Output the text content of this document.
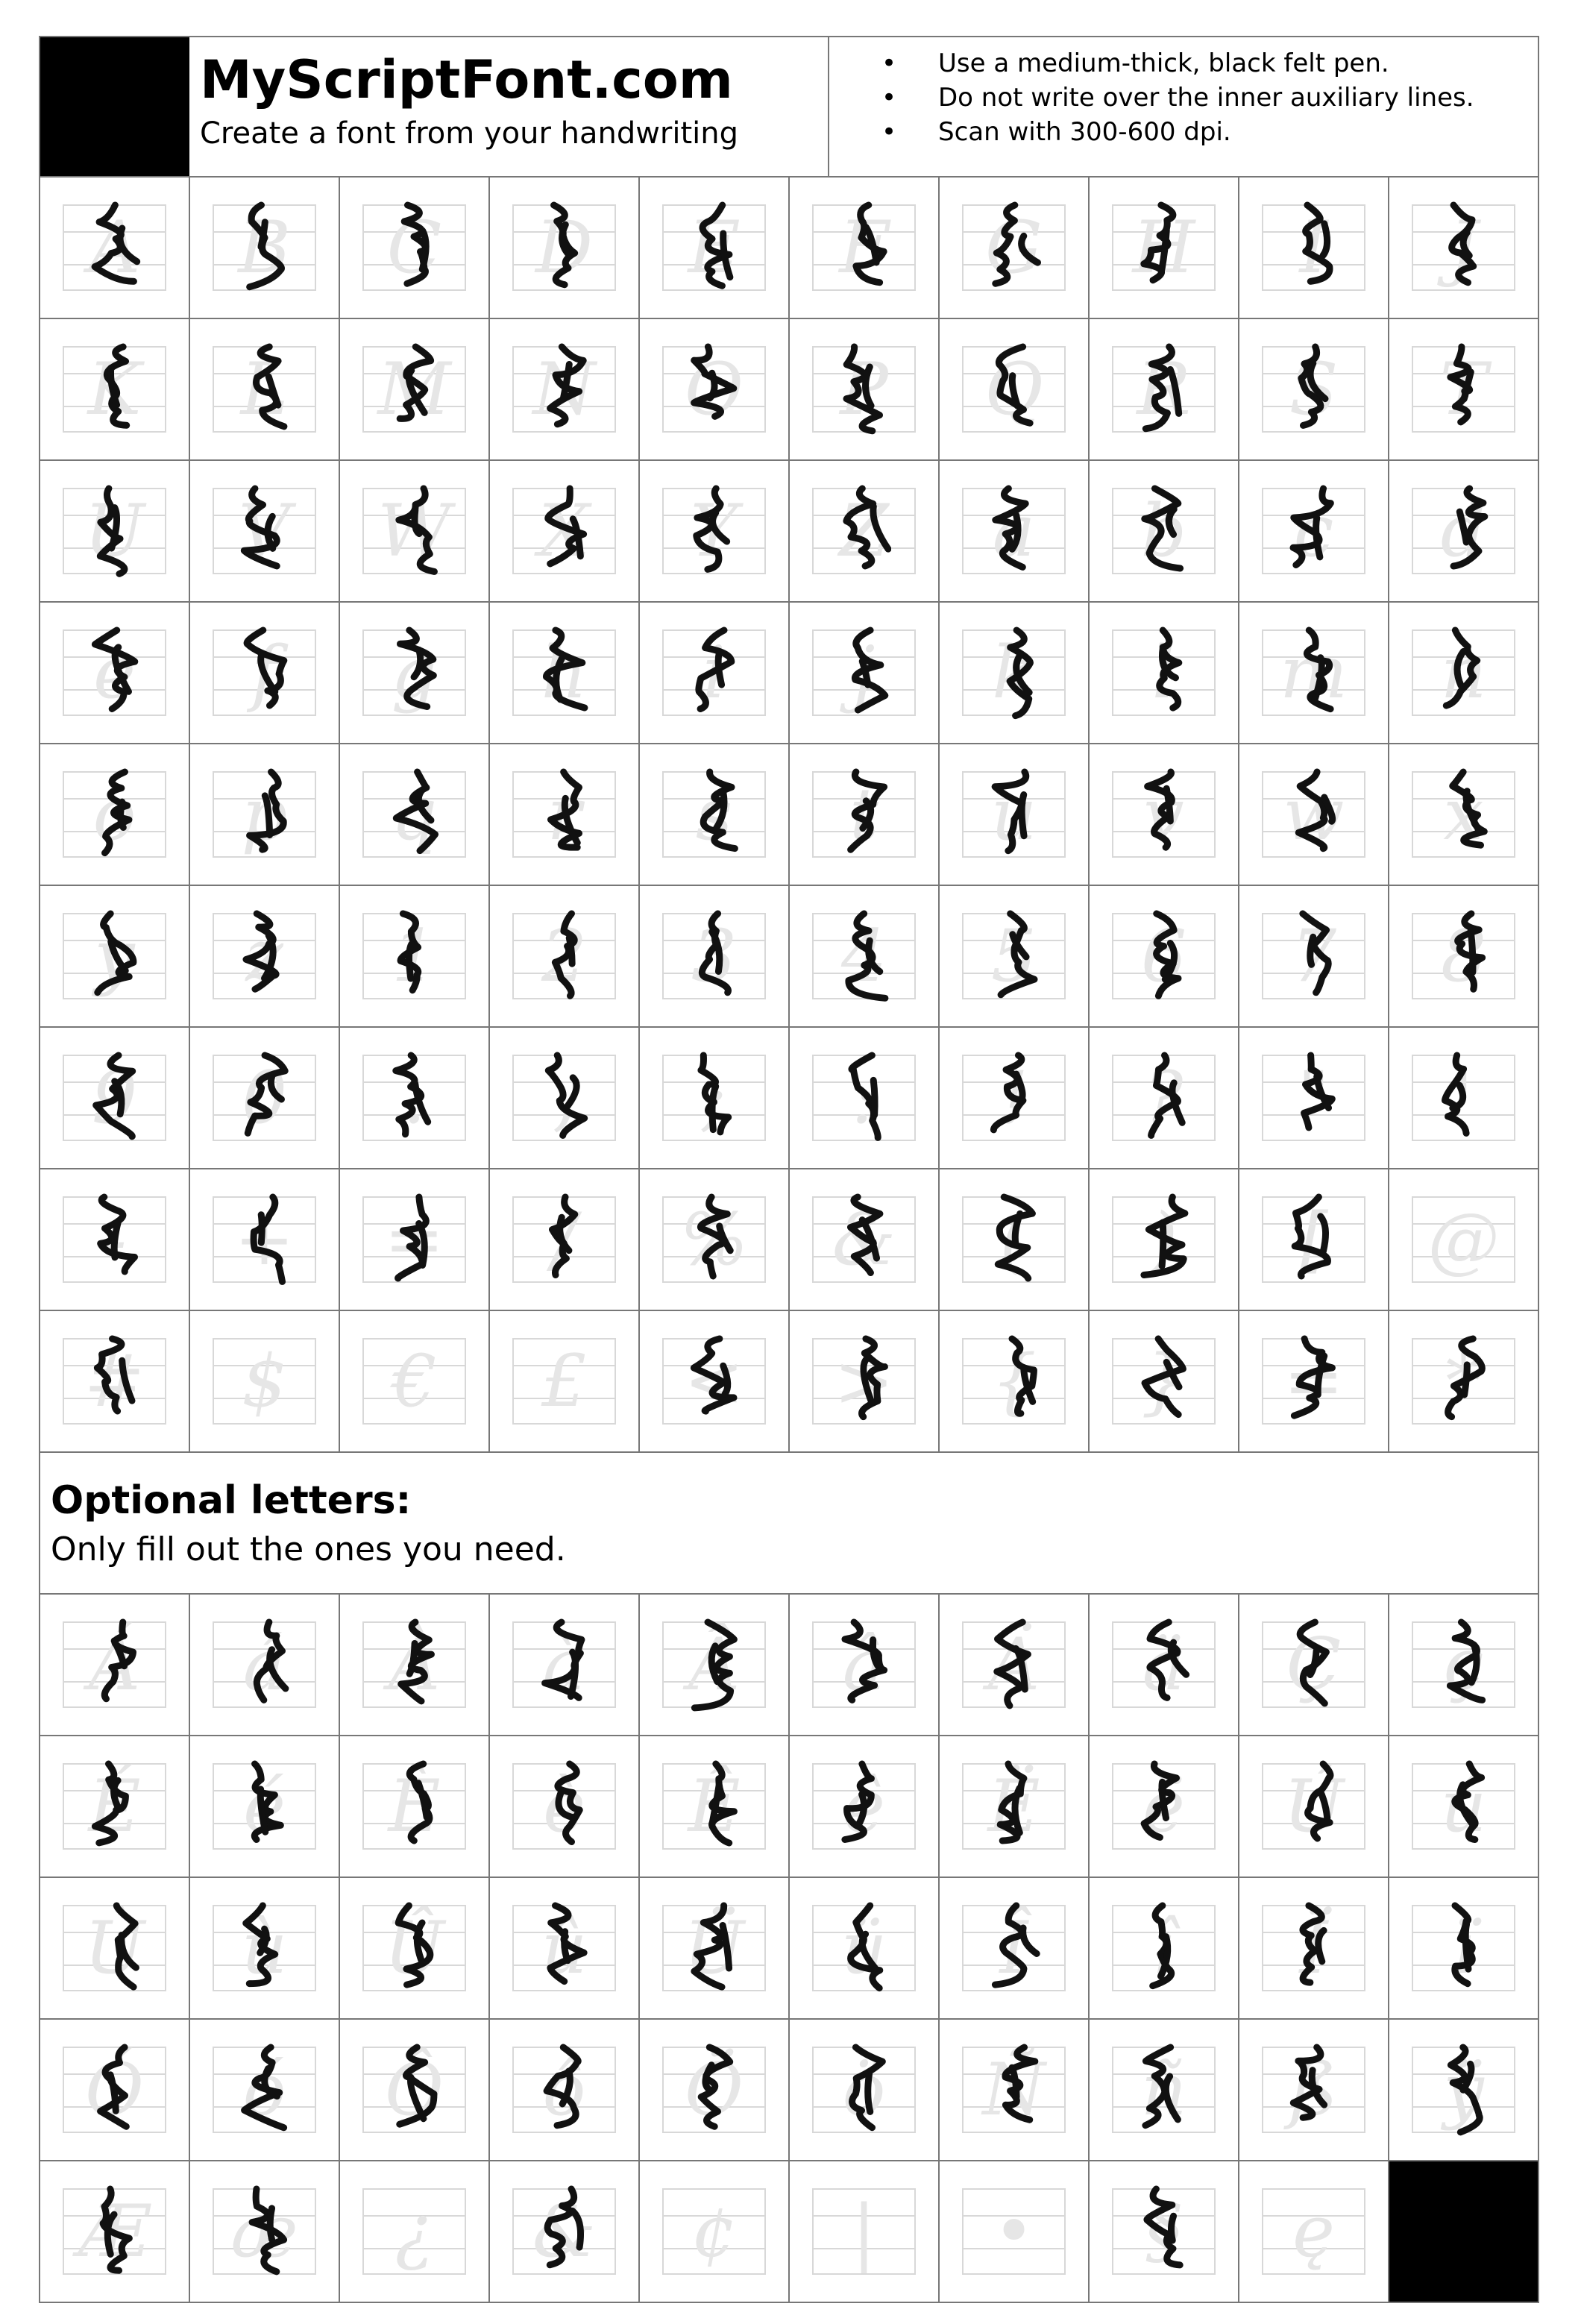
MyScriptFont.com
Create a font from your handwriting
• Use a medium-thick, black felt pen.
• Do not write over the inner auxiliary lines.
• Scan with 300-600 dpi.
A	B	C	D	E	F	G	H	I	J
K	L	M	N	O	P	Q	R	S	T
U	V	W	X	Y	Z	a	b	c	d
e	f	g	h	i	j	k	l	m	n
o	p	q	r	s	t	u	v	w	x
y	z	1	2	3	4	5	6	7	8
9	0	.	,	;	:	!	?	"	'
-	+	=	/	%	&	(	)	[	@
#	$	€	£	<	>	{	}	=	*
Optional letters:
Only fill out the ones you need.
Á	á	À	à	Â	â	Ä	ä	Ç	ç
É	é	È	è	Ê	ê	Ë	ë	Ú	ú
Ù	ù	Û	û	Ü	ü	Î	î	Ï	ï
Ó	ó	Ô	ô	Ö	ö	Ñ	ñ	ß	ÿ
Æ	æ	¿	&	¢	|	•	§	ę
